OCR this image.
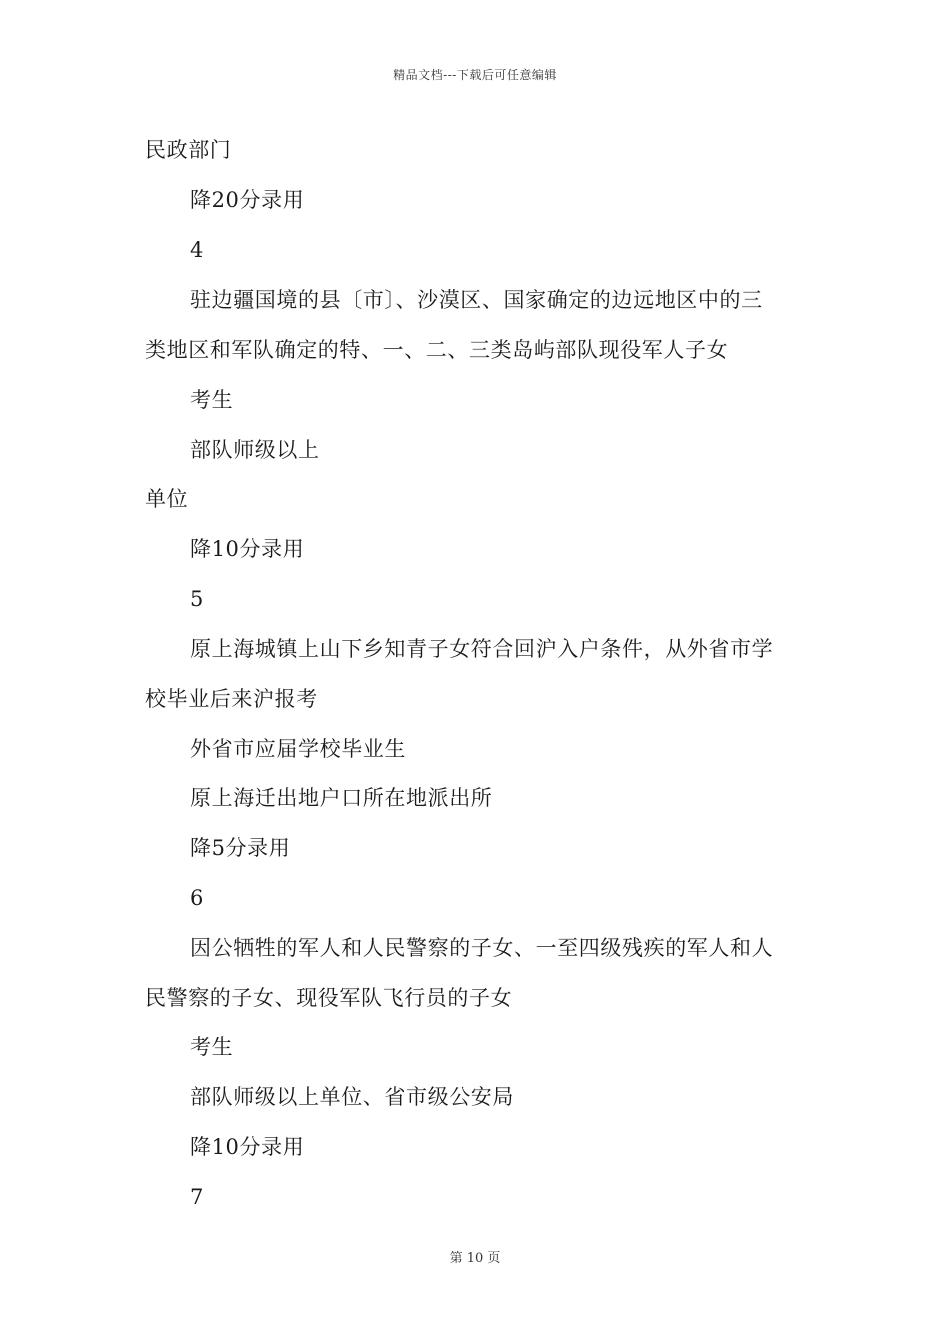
精品文档---下载后可任意编辑
民政部门
降20分录用
4
驻边疆国境的县〔市〕、沙漠区、国家确定的边远地区中的三
类地区和军队确定的特、一、二、三类岛屿部队现役军人子女
考生
部队师级以上
单位
降10分录用
5
原上海城镇上山下乡知青子女符合回沪入户条件，从外省市学
校毕业后来沪报考
外省市应届学校毕业生
原上海迁出地户口所在地派出所
降5分录用
6
因公牺牲的军人和人民警察的子女、一至四级残疾的军人和人
民警察的子女、现役军队飞行员的子女
考生
部队师级以上单位、省市级公安局
降10分录用
7
第 10 页
